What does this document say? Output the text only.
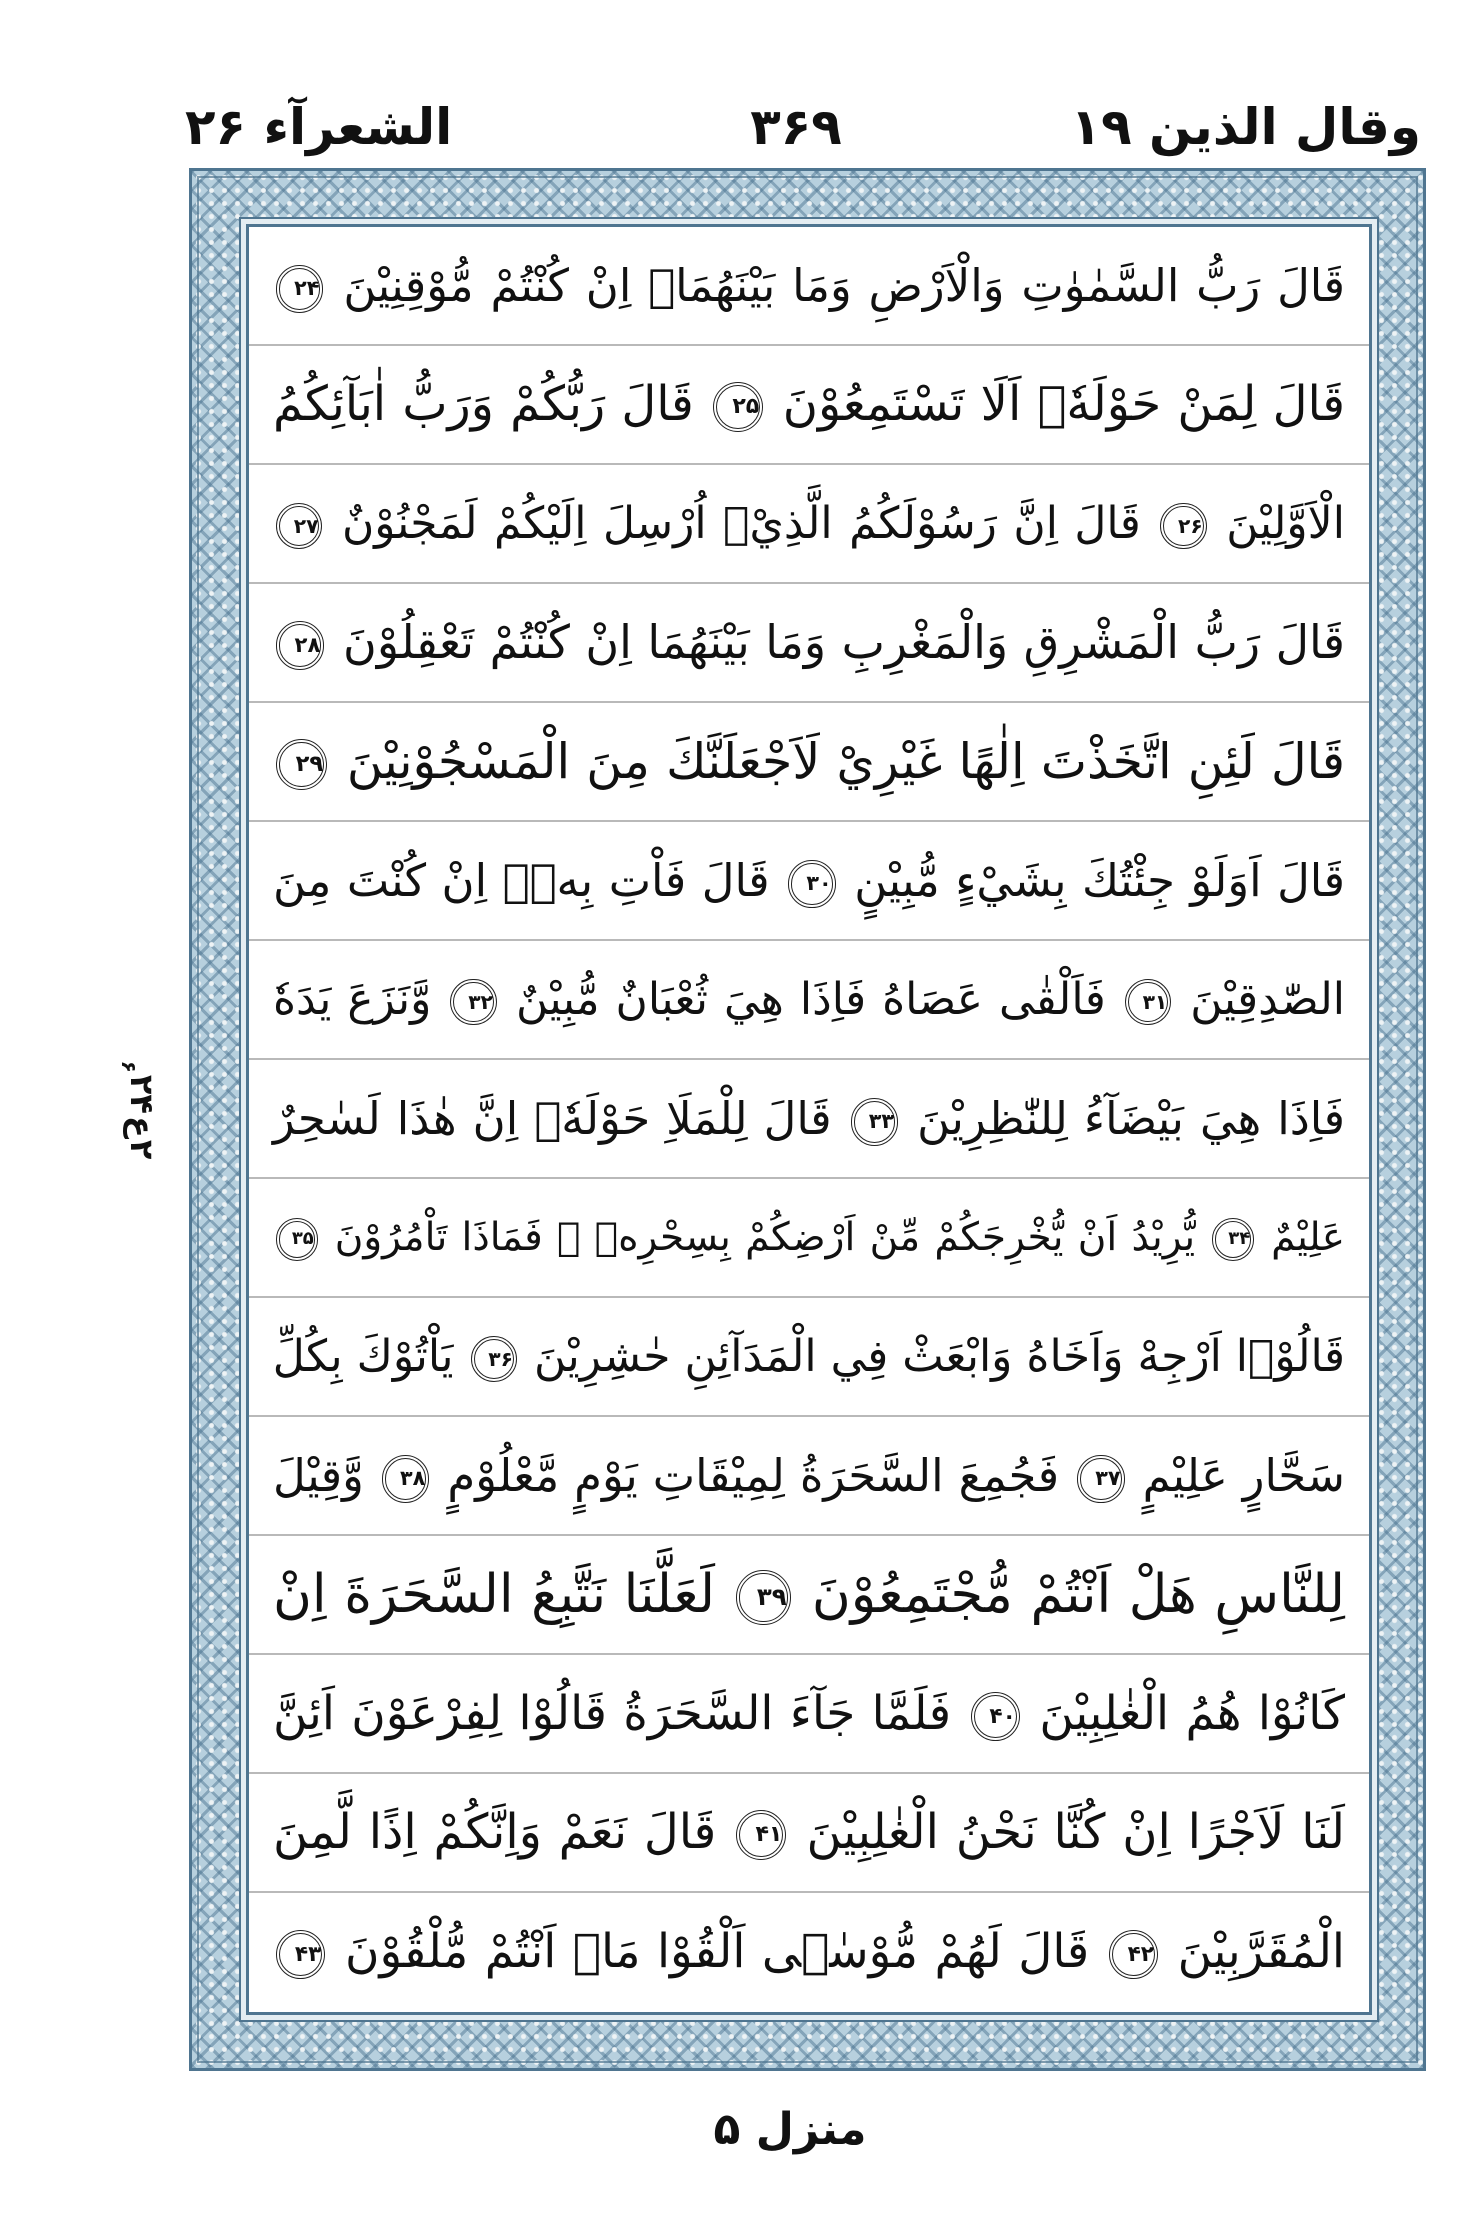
وقال الذين ۱۹
۳۶۹
الشعرآء ۲۶
۲
ع
۲۴
۶
قَالَ رَبُّ السَّمٰوٰتِ وَالْاَرْضِ وَمَا بَيْنَهُمَاۤ اِنْ كُنْتُمْ مُّوْقِنِيْنَ ۲۴
قَالَ لِمَنْ حَوْلَهٗۤ اَلَا تَسْتَمِعُوْنَ ۲۵ قَالَ رَبُّكُمْ وَرَبُّ اٰبَآئِكُمُ
الْاَوَّلِيْنَ ۲۶ قَالَ اِنَّ رَسُوْلَكُمُ الَّذِيْۤ اُرْسِلَ اِلَيْكُمْ لَمَجْنُوْنٌ ۲۷
قَالَ رَبُّ الْمَشْرِقِ وَالْمَغْرِبِ وَمَا بَيْنَهُمَا اِنْ كُنْتُمْ تَعْقِلُوْنَ ۲۸
قَالَ لَئِنِ اتَّخَذْتَ اِلٰهًا غَيْرِيْ لَاَجْعَلَنَّكَ مِنَ الْمَسْجُوْنِيْنَ ۲۹
قَالَ اَوَلَوْ جِئْتُكَ بِشَيْءٍ مُّبِيْنٍ ۳۰ قَالَ فَاْتِ بِهٖۤ اِنْ كُنْتَ مِنَ
الصّٰدِقِيْنَ ۳۱ فَاَلْقٰى عَصَاهُ فَاِذَا هِيَ ثُعْبَانٌ مُّبِيْنٌ ۳۲ وَّنَزَعَ يَدَهٗ
فَاِذَا هِيَ بَيْضَآءُ لِلنّٰظِرِيْنَ ۳۳ قَالَ لِلْمَلَاِ حَوْلَهٗۤ اِنَّ هٰذَا لَسٰحِرٌ
عَلِيْمٌ ۳۴ يُّرِيْدُ اَنْ يُّخْرِجَكُمْ مِّنْ اَرْضِكُمْ بِسِحْرِهٖ ۖ فَمَاذَا تَاْمُرُوْنَ ۳۵
قَالُوْۤا اَرْجِهْ وَاَخَاهُ وَابْعَثْ فِي الْمَدَآئِنِ حٰشِرِيْنَ ۳۶ يَاْتُوْكَ بِكُلِّ
سَحَّارٍ عَلِيْمٍ ۳۷ فَجُمِعَ السَّحَرَةُ لِمِيْقَاتِ يَوْمٍ مَّعْلُوْمٍ ۳۸ وَّقِيْلَ
لِلنَّاسِ هَلْ اَنْتُمْ مُّجْتَمِعُوْنَ ۳۹ لَعَلَّنَا نَتَّبِعُ السَّحَرَةَ اِنْ
كَانُوْا هُمُ الْغٰلِبِيْنَ ۴۰ فَلَمَّا جَآءَ السَّحَرَةُ قَالُوْا لِفِرْعَوْنَ اَئِنَّ
لَنَا لَاَجْرًا اِنْ كُنَّا نَحْنُ الْغٰلِبِيْنَ ۴۱ قَالَ نَعَمْ وَاِنَّكُمْ اِذًا لَّمِنَ
الْمُقَرَّبِيْنَ ۴۲ قَالَ لَهُمْ مُّوْسٰۤى اَلْقُوْا مَاۤ اَنْتُمْ مُّلْقُوْنَ ۴۳
منزل ۵
